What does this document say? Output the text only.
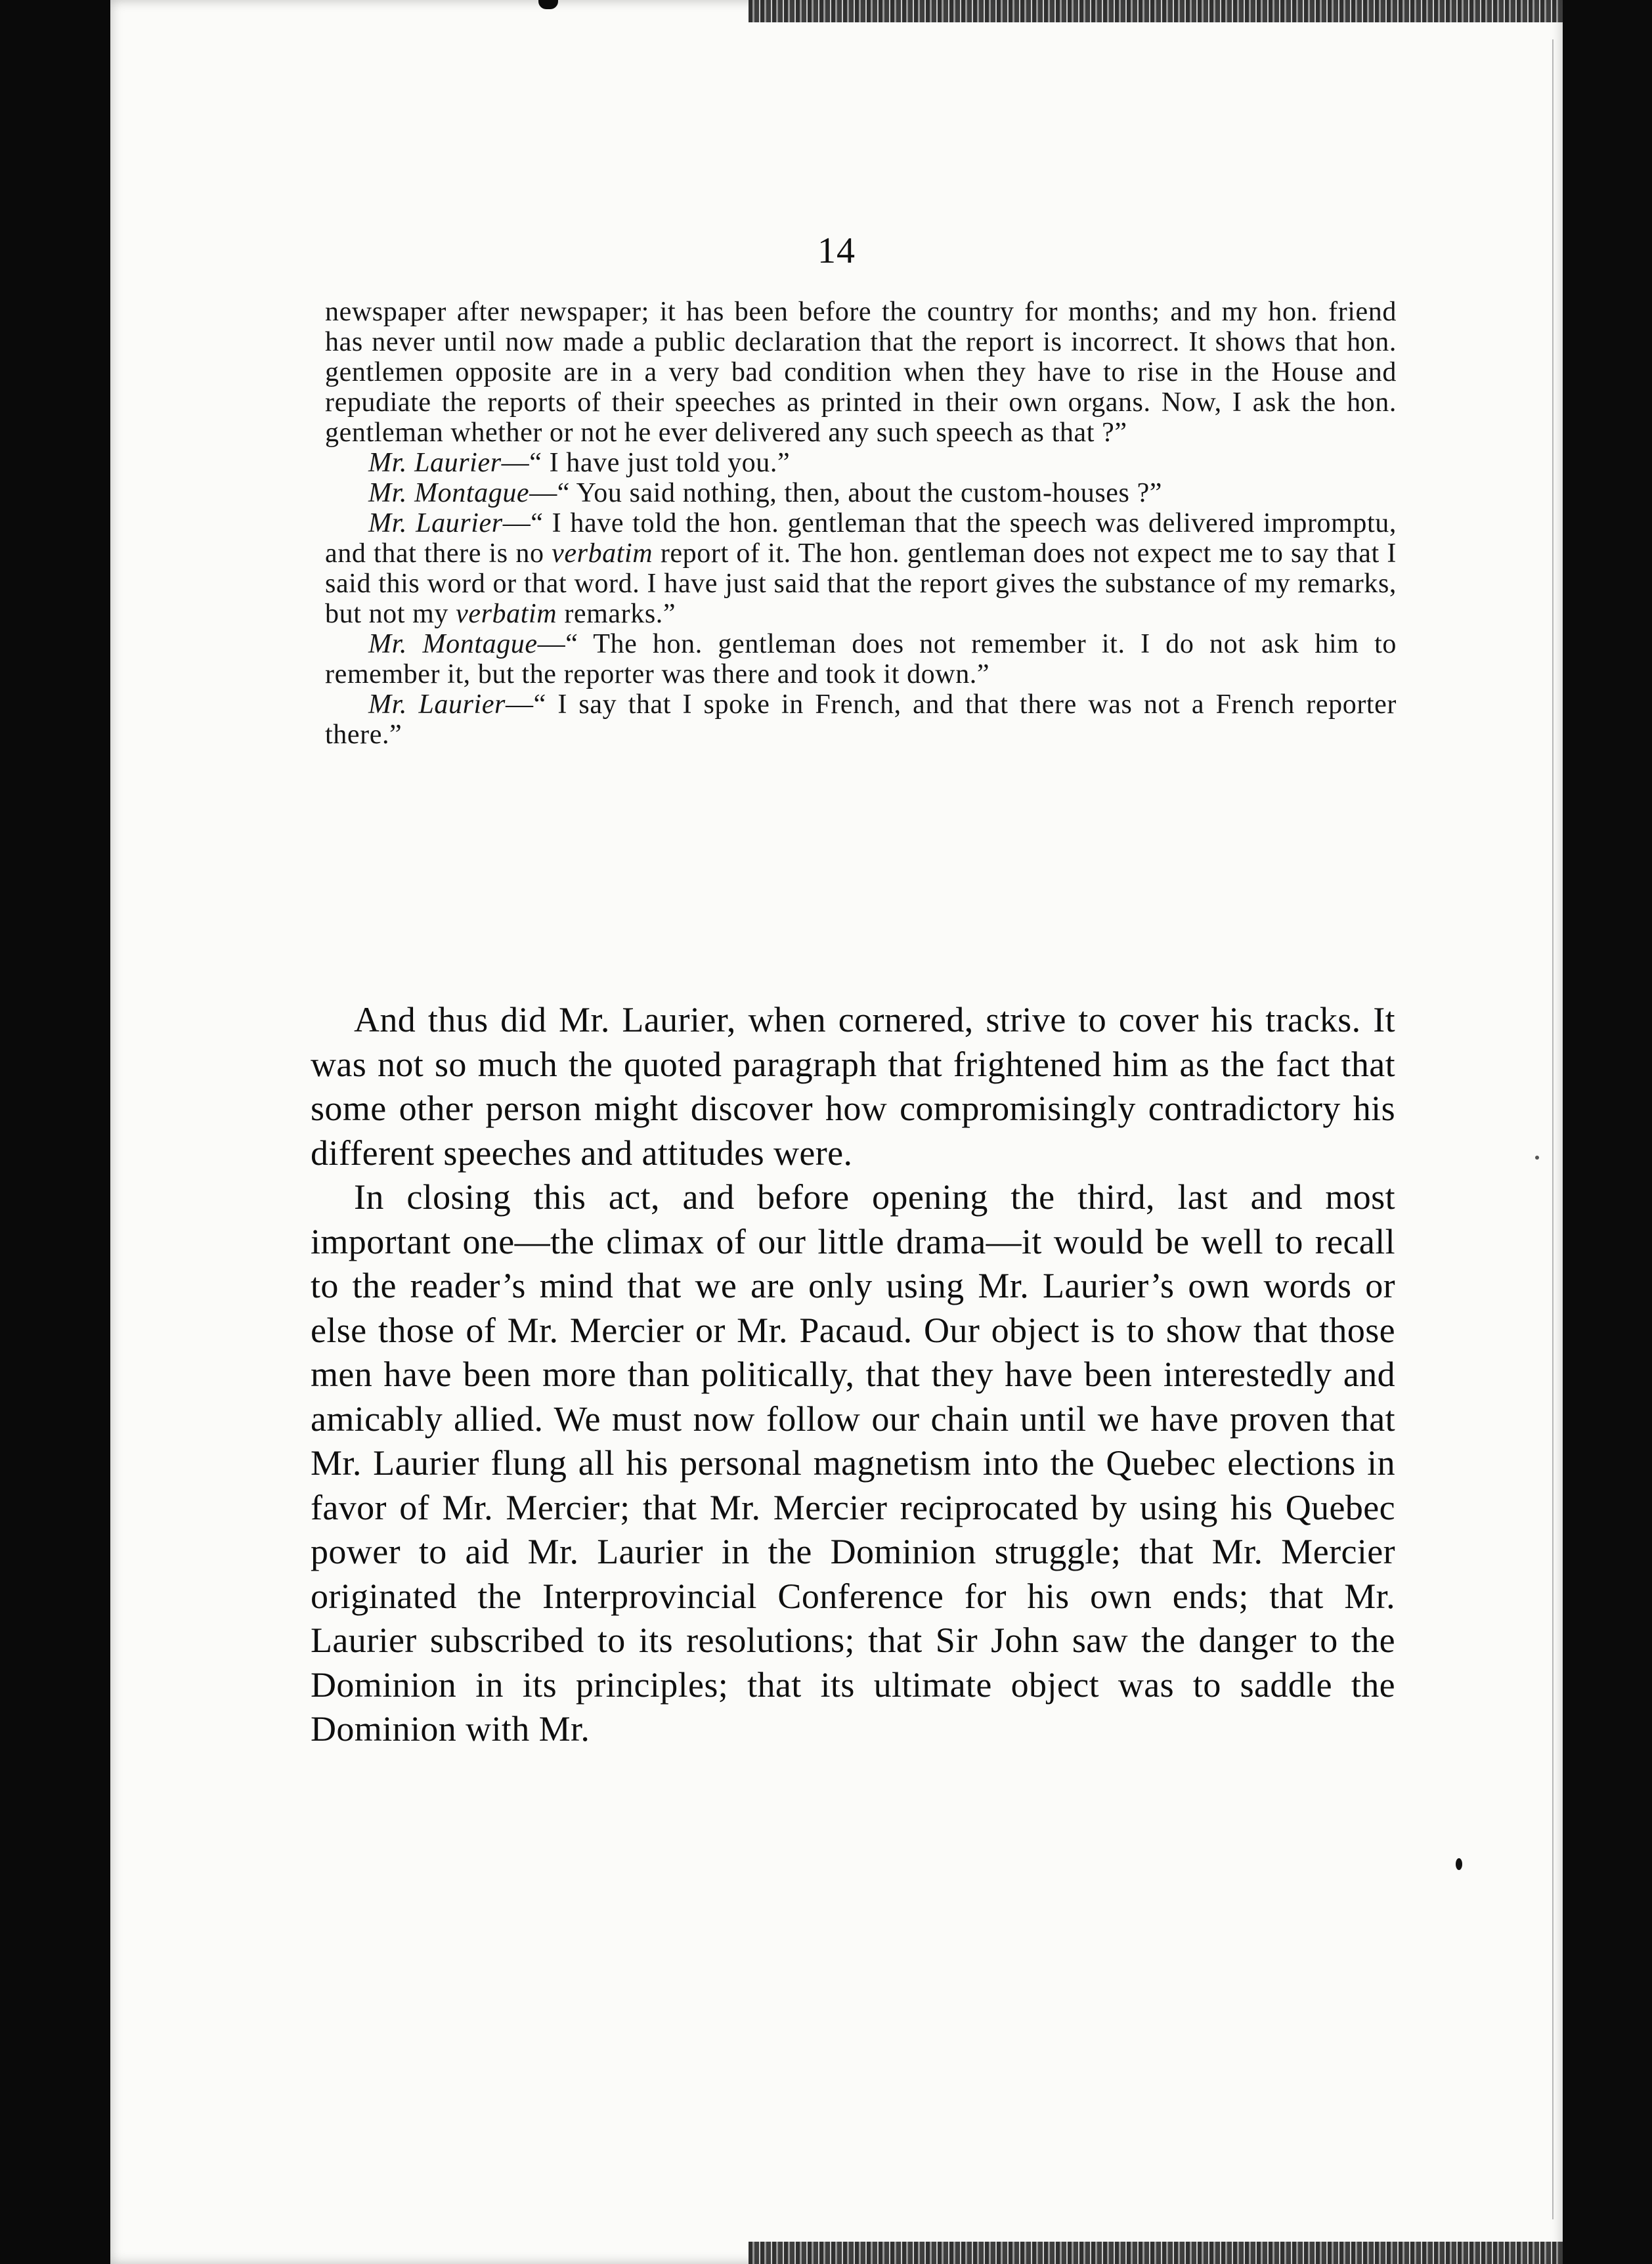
14

newspaper after newspaper; it has been before the country for months; and my hon. friend has never until now made a public declaration that the report is incorrect. It shows that hon. gentlemen opposite are in a very bad condition when they have to rise in the House and repudiate the reports of their speeches as printed in their own organs. Now, I ask the hon. gentleman whether or not he ever delivered any such speech as that ?”

Mr. Laurier—“ I have just told you.”

Mr. Montague—“ You said nothing, then, about the custom-houses ?”

Mr. Laurier—“ I have told the hon. gentleman that the speech was delivered impromptu, and that there is no verbatim report of it. The hon. gentleman does not expect me to say that I said this word or that word. I have just said that the report gives the substance of my remarks, but not my verbatim remarks.”

Mr. Montague—“ The hon. gentleman does not remember it. I do not ask him to remember it, but the reporter was there and took it down.”

Mr. Laurier—“ I say that I spoke in French, and that there was not a French reporter there.”

And thus did Mr. Laurier, when cornered, strive to cover his tracks. It was not so much the quoted paragraph that frightened him as the fact that some other person might discover how compromisingly contradictory his different speeches and attitudes were.

In closing this act, and before opening the third, last and most important one—the climax of our little drama—it would be well to recall to the reader’s mind that we are only using Mr. Laurier’s own words or else those of Mr. Mercier or Mr. Pacaud. Our object is to show that those men have been more than politically, that they have been interestedly and amicably allied. We must now follow our chain until we have proven that Mr. Laurier flung all his personal magnetism into the Quebec elections in favor of Mr. Mercier; that Mr. Mercier reciprocated by using his Quebec power to aid Mr. Laurier in the Dominion struggle; that Mr. Mercier originated the Interprovincial Conference for his own ends; that Mr. Laurier subscribed to its resolutions; that Sir John saw the danger to the Dominion in its principles; that its ultimate object was to saddle the Dominion with Mr.
